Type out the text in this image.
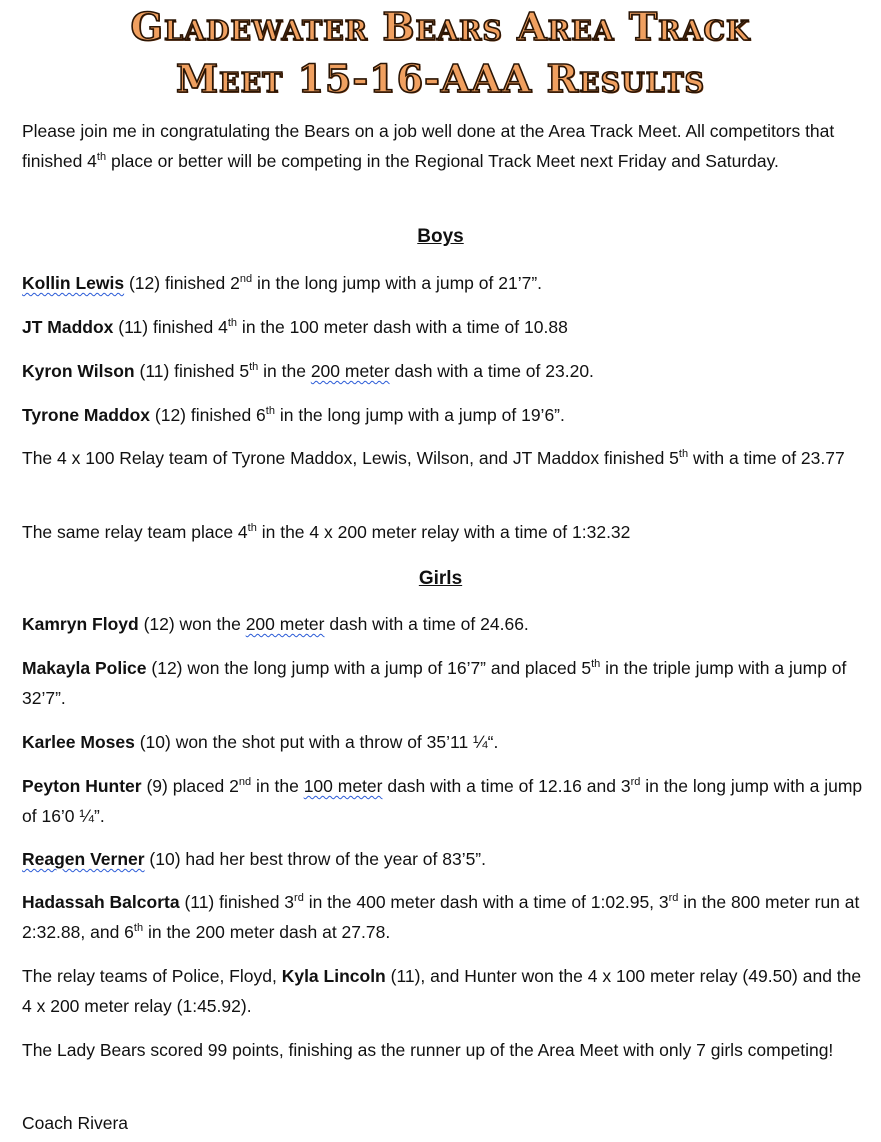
Gladewater Bears Area Track
Meet 15-16-AAA Results

Please join me in congratulating the Bears on a job well done at the Area Track Meet. All competitors that finished 4th place or better will be competing in the Regional Track Meet next Friday and Saturday.

Boys

Kollin Lewis (12) finished 2nd in the long jump with a jump of 21’7”.

JT Maddox (11) finished 4th in the 100 meter dash with a time of 10.88

Kyron Wilson (11) finished 5th in the 200 meter dash with a time of 23.20.

Tyrone Maddox (12) finished 6th in the long jump with a jump of 19’6”.

The 4 x 100 Relay team of Tyrone Maddox, Lewis, Wilson, and JT Maddox finished 5th with a time of 23.77

The same relay team place 4th in the 4 x 200 meter relay with a time of 1:32.32

Girls

Kamryn Floyd (12) won the 200 meter dash with a time of 24.66.

Makayla Police (12) won the long jump with a jump of 16’7” and placed 5th in the triple jump with a jump of 32’7”.

Karlee Moses (10) won the shot put with a throw of 35’11 ¼“.

Peyton Hunter (9) placed 2nd in the 100 meter dash with a time of 12.16 and 3rd in the long jump with a jump of 16’0 ¼”.

Reagen Verner (10) had her best throw of the year of 83’5”.

Hadassah Balcorta (11) finished 3rd in the 400 meter dash with a time of 1:02.95, 3rd in the 800 meter run at 2:32.88, and 6th in the 200 meter dash at 27.78.

The relay teams of Police, Floyd, Kyla Lincoln (11), and Hunter won the 4 x 100 meter relay (49.50) and the 4 x 200 meter relay (1:45.92).

The Lady Bears scored 99 points, finishing as the runner up of the Area Meet with only 7 girls competing!

Coach Rivera
